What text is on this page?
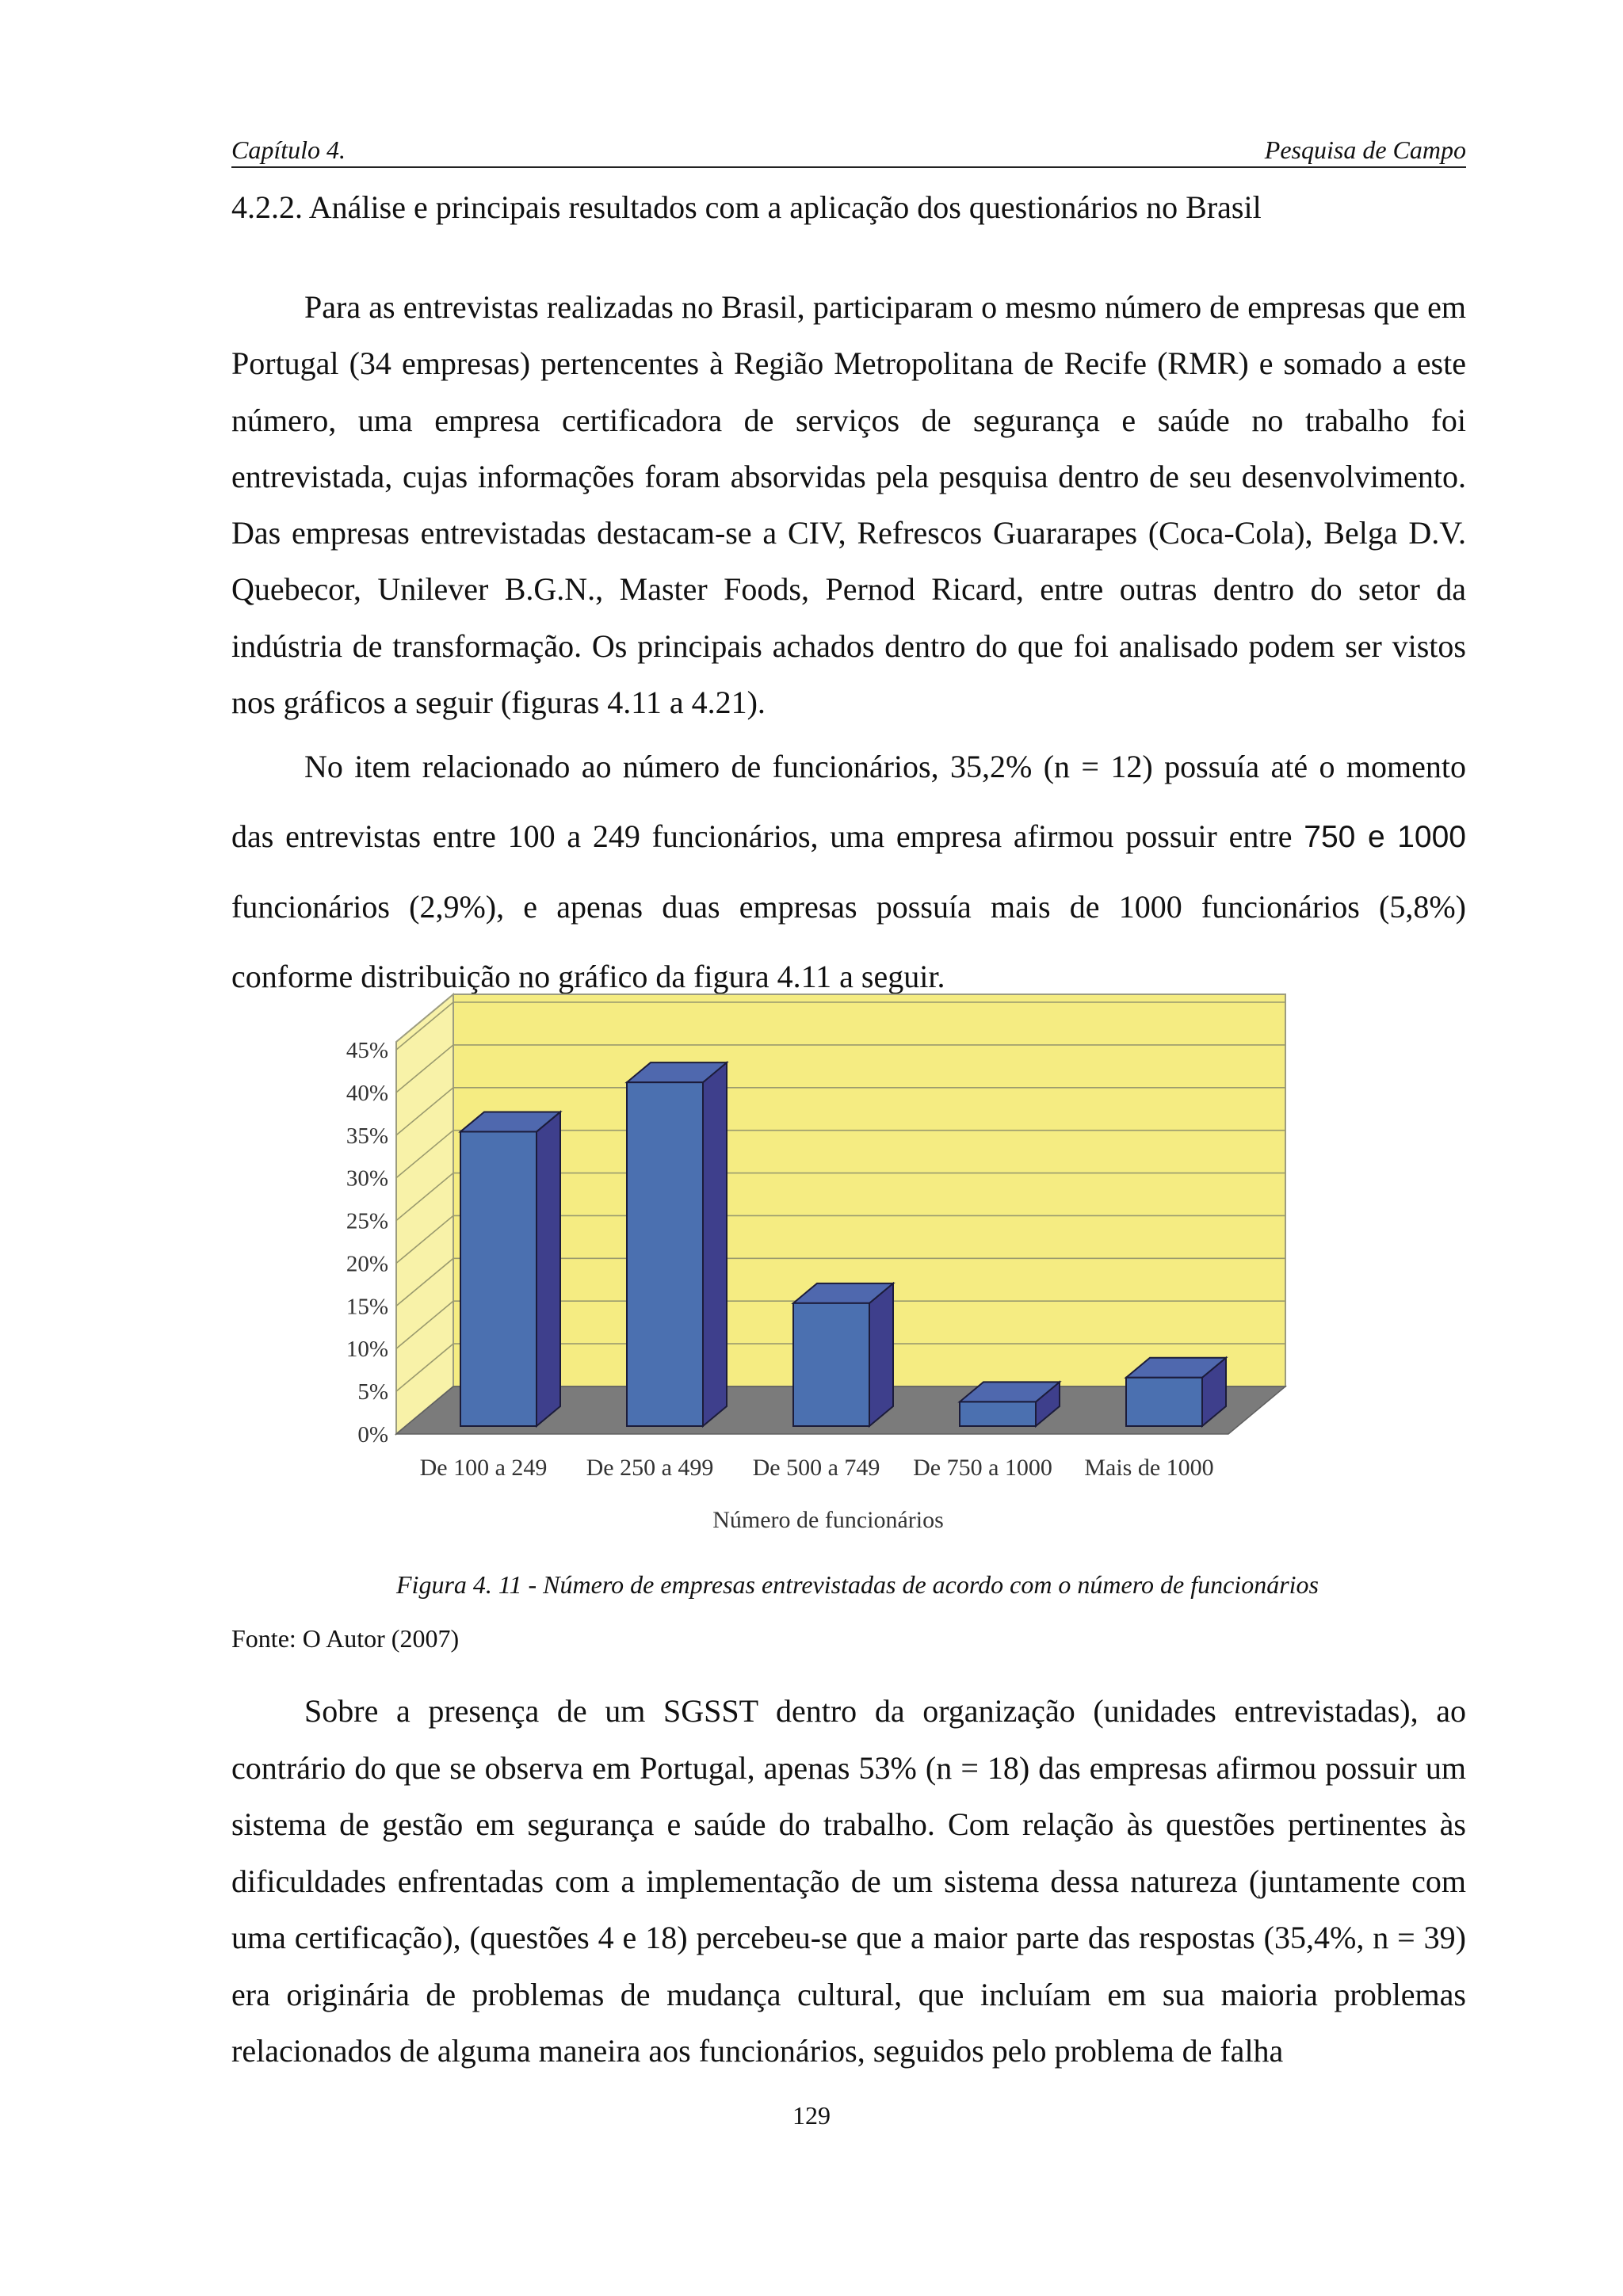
Capítulo 4.	Pesquisa de Campo
4.2.2. Análise e principais resultados com a aplicação dos questionários no Brasil

Para as entrevistas realizadas no Brasil, participaram o mesmo número de empresas que em Portugal (34 empresas) pertencentes à Região Metropolitana de Recife (RMR) e somado a este número, uma empresa certificadora de serviços de segurança e saúde no trabalho foi entrevistada, cujas informações foram absorvidas pela pesquisa dentro de seu desenvolvimento. Das empresas entrevistadas destacam-se a CIV, Refrescos Guararapes (Coca-Cola), Belga D.V. Quebecor, Unilever B.G.N., Master Foods, Pernod Ricard, entre outras dentro do setor da indústria de transformação. Os principais achados dentro do que foi analisado podem ser vistos nos gráficos a seguir (figuras 4.11 a 4.21).

No item relacionado ao número de funcionários, 35,2% (n = 12) possuía até o momento das entrevistas entre 100 a 249 funcionários, uma empresa afirmou possuir entre 750 e 1000 funcionários (2,9%), e apenas duas empresas possuía mais de 1000 funcionários (5,8%) conforme distribuição no gráfico da figura 4.11 a seguir.

0%
5%
10%
15%
20%
25%
30%
35%
40%
45%
De 100 a 249 De 250 a 499 De 500 a 749 De 750 a 1000 Mais de 1000
Número de funcionários
Figura 4. 11 - Número de empresas entrevistadas de acordo com o número de funcionários
Fonte: O Autor (2007)

Sobre a presença de um SGSST dentro da organização (unidades entrevistadas), ao contrário do que se observa em Portugal, apenas 53% (n = 18) das empresas afirmou possuir um sistema de gestão em segurança e saúde do trabalho. Com relação às questões pertinentes às dificuldades enfrentadas com a implementação de um sistema dessa natureza (juntamente com uma certificação), (questões 4 e 18) percebeu-se que a maior parte das respostas (35,4%, n = 39) era originária de problemas de mudança cultural, que incluíam em sua maioria problemas relacionados de alguma maneira aos funcionários, seguidos pelo problema de falha

129
